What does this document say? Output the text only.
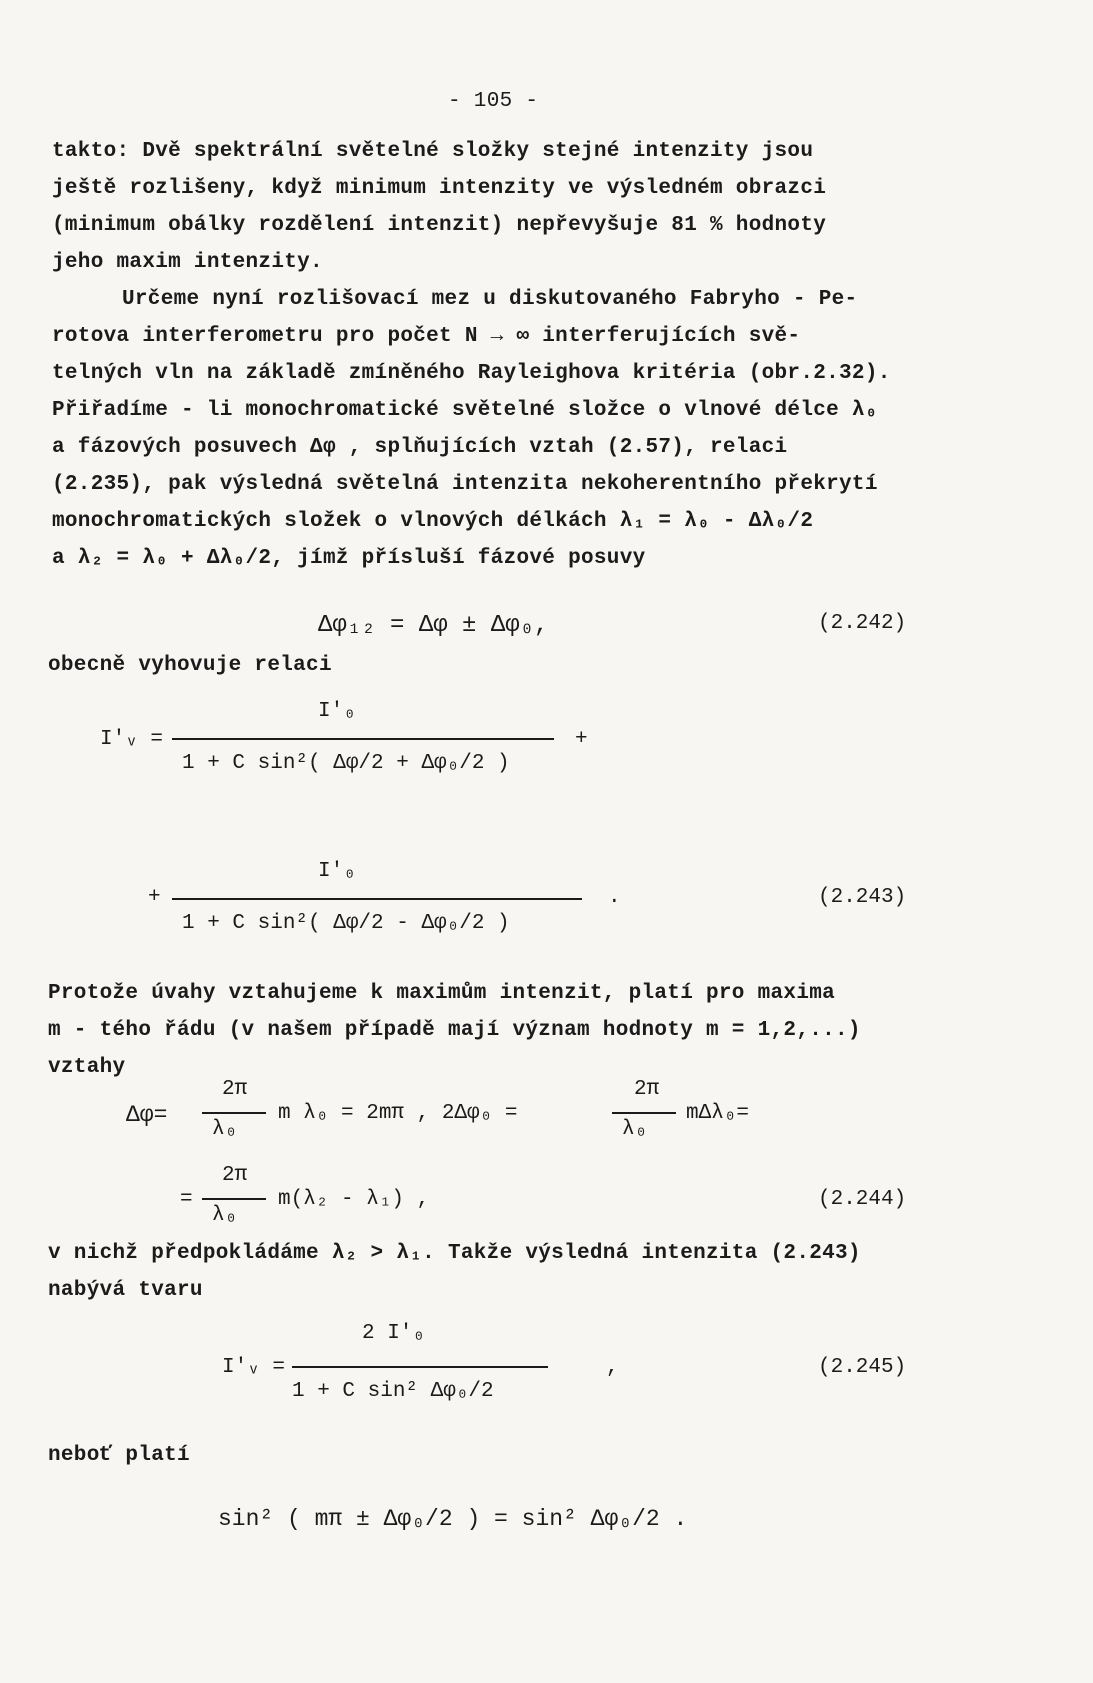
- 105 -
takto: Dvě spektrální světelné složky stejné intenzity jsou
ještě rozlišeny, když minimum intenzity ve výsledném obrazci
(minimum obálky rozdělení intenzit) nepřevyšuje 81 % hodnoty
jeho maxim intenzity.
Určeme nyní rozlišovací mez u diskutovaného Fabryho - Pe-
rotova interferometru pro počet N → ∞ interferujících svě-
telných vln na základě zmíněného Rayleighova kritéria (obr.2.32).
Přiřadíme - li monochromatické světelné složce o vlnové délce λ₀
a fázových posuvech Δφ , splňujících vztah (2.57), relaci
(2.235), pak výsledná světelná intenzita nekoherentního překrytí
monochromatických složek o vlnových délkách λ₁ = λ₀ - Δλ₀/2
a λ₂ = λ₀ + Δλ₀/2, jímž přísluší fázové posuvy
Δφ₁₂ = Δφ ± Δφ₀,	(2.242)
obecně vyhovuje relaci
I′ᵥ =
I′₀
1 + C sin²( Δφ/2 + Δφ₀/2 )
+
+
I′₀
1 + C sin²( Δφ/2 - Δφ₀/2 )
.	(2.243)
Protože úvahy vztahujeme k maximům intenzit, platí pro maxima
m - tého řádu (v našem případě mají význam hodnoty m = 1,2,...)
vztahy
Δφ=
2π
λ₀
m λ₀ = 2mπ , 2Δφ₀ =
2π
λ₀
mΔλ₀=
=
2π
λ₀
m(λ₂ - λ₁) ,	(2.244)
v nichž předpokládáme λ₂ > λ₁. Takže výsledná intenzita (2.243)
nabývá tvaru
I′ᵥ =
2 I′₀
1 + C sin² Δφ₀/2
,	(2.245)
neboť platí
sin² ( mπ ± Δφ₀/2 ) = sin² Δφ₀/2 .
